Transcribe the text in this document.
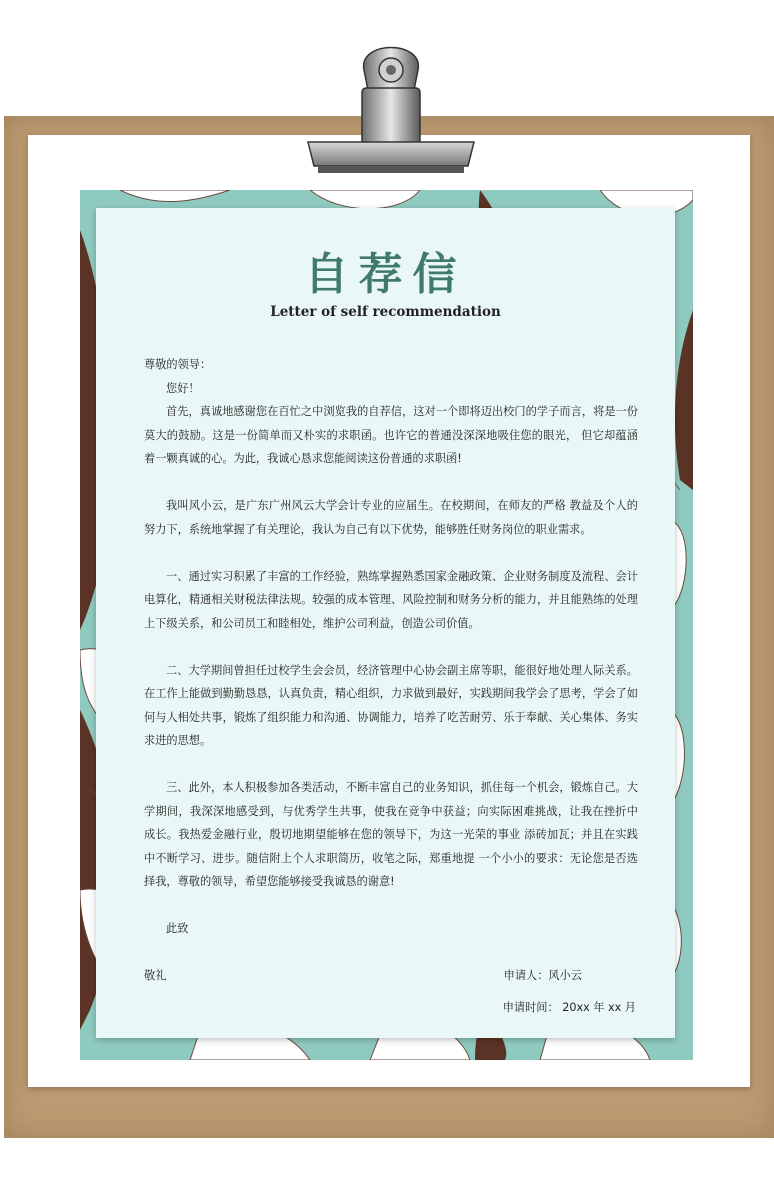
自荐信
Letter of self recommendation

尊敬的领导：

您好！

首先，真诚地感谢您在百忙之中浏览我的自荐信，这对一个即将迈出校门的学子而言，将是一份莫大的鼓励。这是一份简单而又朴实的求职函。也许它的普通没深深地吸住您的眼光， 但它却蕴涵着一颗真诚的心。为此，我诚心恳求您能阅读这份普通的求职函!

我叫风小云，是广东广州风云大学会计专业的应届生。在校期间，在师友的严格 教益及个人的努力下，系统地掌握了有关理论，我认为自己有以下优势，能够胜任财务岗位的职业需求。

一、通过实习积累了丰富的工作经验，熟练掌握熟悉国家金融政策、企业财务制度及流程、会计电算化，精通相关财税法律法规。较强的成本管理、风险控制和财务分析的能力，并且能熟练的处理上下级关系，和公司员工和睦相处，维护公司利益，创造公司价值。

二、大学期间曾担任过校学生会会员，经济管理中心协会副主席等职，能很好地处理人际关系。在工作上能做到勤勤恳恳，认真负责，精心组织，力求做到最好，实践期间我学会了思考，学会了如何与人相处共事，锻炼了组织能力和沟通、协调能力，培养了吃苦耐劳、乐于奉献、关心集体、务实求进的思想。

三、此外，本人积极参加各类活动，不断丰富自己的业务知识，抓住每一个机会，锻炼自己。大学期间，我深深地感受到，与优秀学生共事，使我在竞争中获益；向实际困难挑战，让我在挫折中 成长。我热爱金融行业，殷切地期望能够在您的领导下，为这一光荣的事业 添砖加瓦；并且在实践中不断学习、进步。随信附上个人求职简历，收笔之际，郑重地提 一个小小的要求：无论您是否选择我，尊敬的领导，希望您能够接受我诚恳的谢意!

此致

敬礼	申请人：风小云
申请时间： 20xx 年 xx 月
